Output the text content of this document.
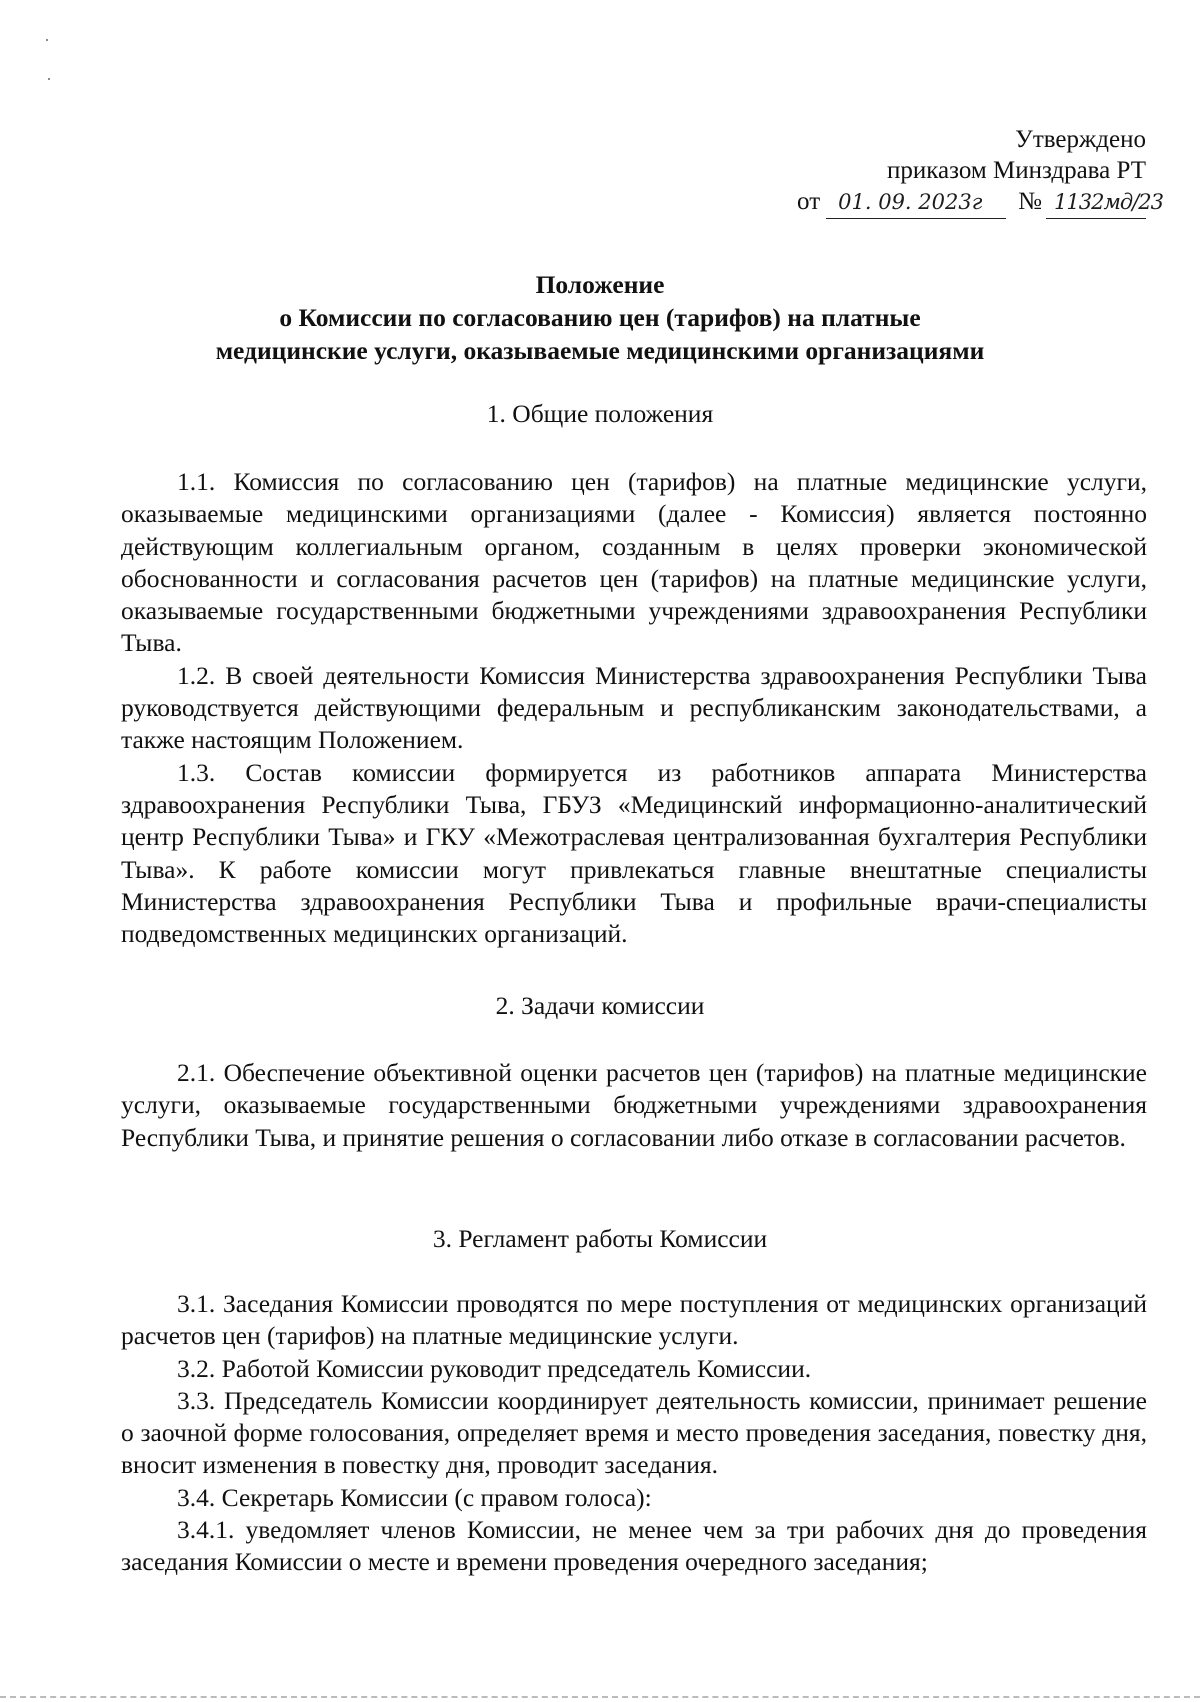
Утверждено
приказом Минздрава РТ
от 01. 09. 2023г № 1132мд/23
Положение
о Комиссии по согласованию цен (тарифов) на платные
медицинские услуги, оказываемые медицинскими организациями
1. Общие положения

1.1. Комиссия по согласованию цен (тарифов) на платные медицинские услуги, оказываемые медицинскими организациями (далее - Комиссия) является постоянно действующим коллегиальным органом, созданным в целях проверки экономической обоснованности и согласования расчетов цен (тарифов) на платные медицинские услуги, оказываемые государственными бюджетными учреждениями здравоохранения Республики Тыва.

1.2. В своей деятельности Комиссия Министерства здравоохранения Республики Тыва руководствуется действующими федеральным и республиканским законодательствами, а также настоящим Положением.

1.3. Состав комиссии формируется из работников аппарата Министерства здравоохранения Республики Тыва, ГБУЗ «Медицинский информационно-аналитический центр Республики Тыва» и ГКУ «Межотраслевая централизованная бухгалтерия Республики Тыва». К работе комиссии могут привлекаться главные внештатные специалисты Министерства здравоохранения Республики Тыва и профильные врачи-специалисты подведомственных медицинских организаций.

2. Задачи комиссии

2.1. Обеспечение объективной оценки расчетов цен (тарифов) на платные медицинские услуги, оказываемые государственными бюджетными учреждениями здравоохранения Республики Тыва, и принятие решения о согласовании либо отказе в согласовании расчетов.

3. Регламент работы Комиссии

3.1. Заседания Комиссии проводятся по мере поступления от медицинских организаций расчетов цен (тарифов) на платные медицинские услуги.

3.2. Работой Комиссии руководит председатель Комиссии.

3.3. Председатель Комиссии координирует деятельность комиссии, принимает решение о заочной форме голосования, определяет время и место проведения заседания, повестку дня, вносит изменения в повестку дня, проводит заседания.

3.4. Секретарь Комиссии (с правом голоса):

3.4.1. уведомляет членов Комиссии, не менее чем за три рабочих дня до проведения заседания Комиссии о месте и времени проведения очередного заседания;
